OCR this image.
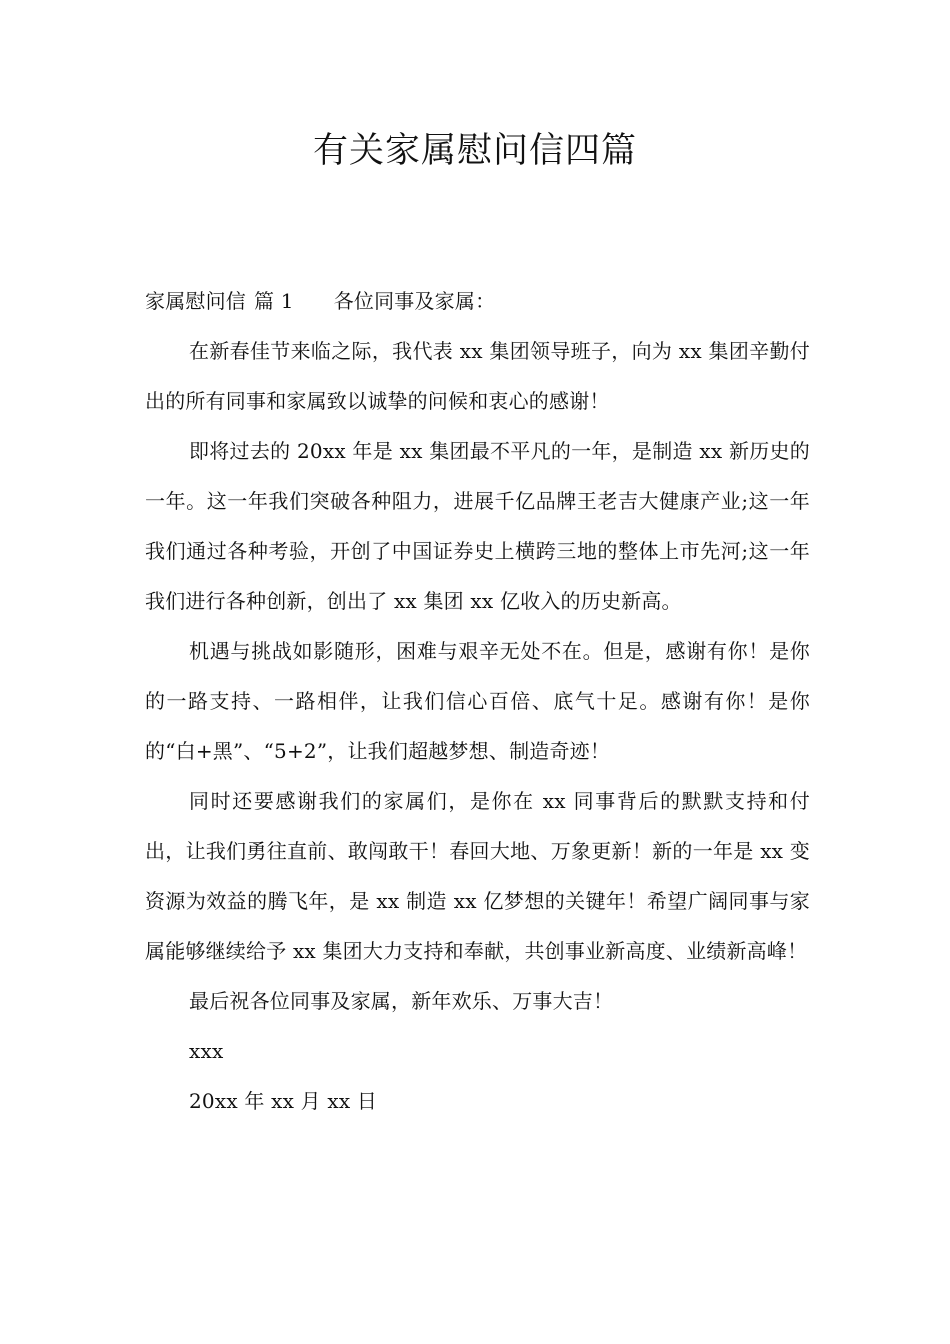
有关家属慰问信四篇

家属慰问信 篇 1 各位同事及家属：

在新春佳节来临之际，我代表 xx 集团领导班子，向为 xx 集团辛勤付出的所有同事和家属致以诚挚的问候和衷心的感谢！

即将过去的 20xx 年是 xx 集团最不平凡的一年，是制造 xx 新历史的一年。这一年我们突破各种阻力，进展千亿品牌王老吉大健康产业;这一年我们通过各种考验，开创了中国证券史上横跨三地的整体上市先河;这一年我们进行各种创新，创出了 xx 集团 xx 亿收入的历史新高。

机遇与挑战如影随形，困难与艰辛无处不在。但是，感谢有你！是你的一路支持、一路相伴，让我们信心百倍、底气十足。感谢有你！是你的“白+黑”、“5+2”，让我们超越梦想、制造奇迹！

同时还要感谢我们的家属们，是你在 xx 同事背后的默默支持和付出，让我们勇往直前、敢闯敢干！春回大地、万象更新！新的一年是 xx 变资源为效益的腾飞年，是 xx 制造 xx 亿梦想的关键年！希望广阔同事与家属能够继续给予 xx 集团大力支持和奉献，共创事业新高度、业绩新高峰！

最后祝各位同事及家属，新年欢乐、万事大吉！

xxx

20xx 年 xx 月 xx 日
